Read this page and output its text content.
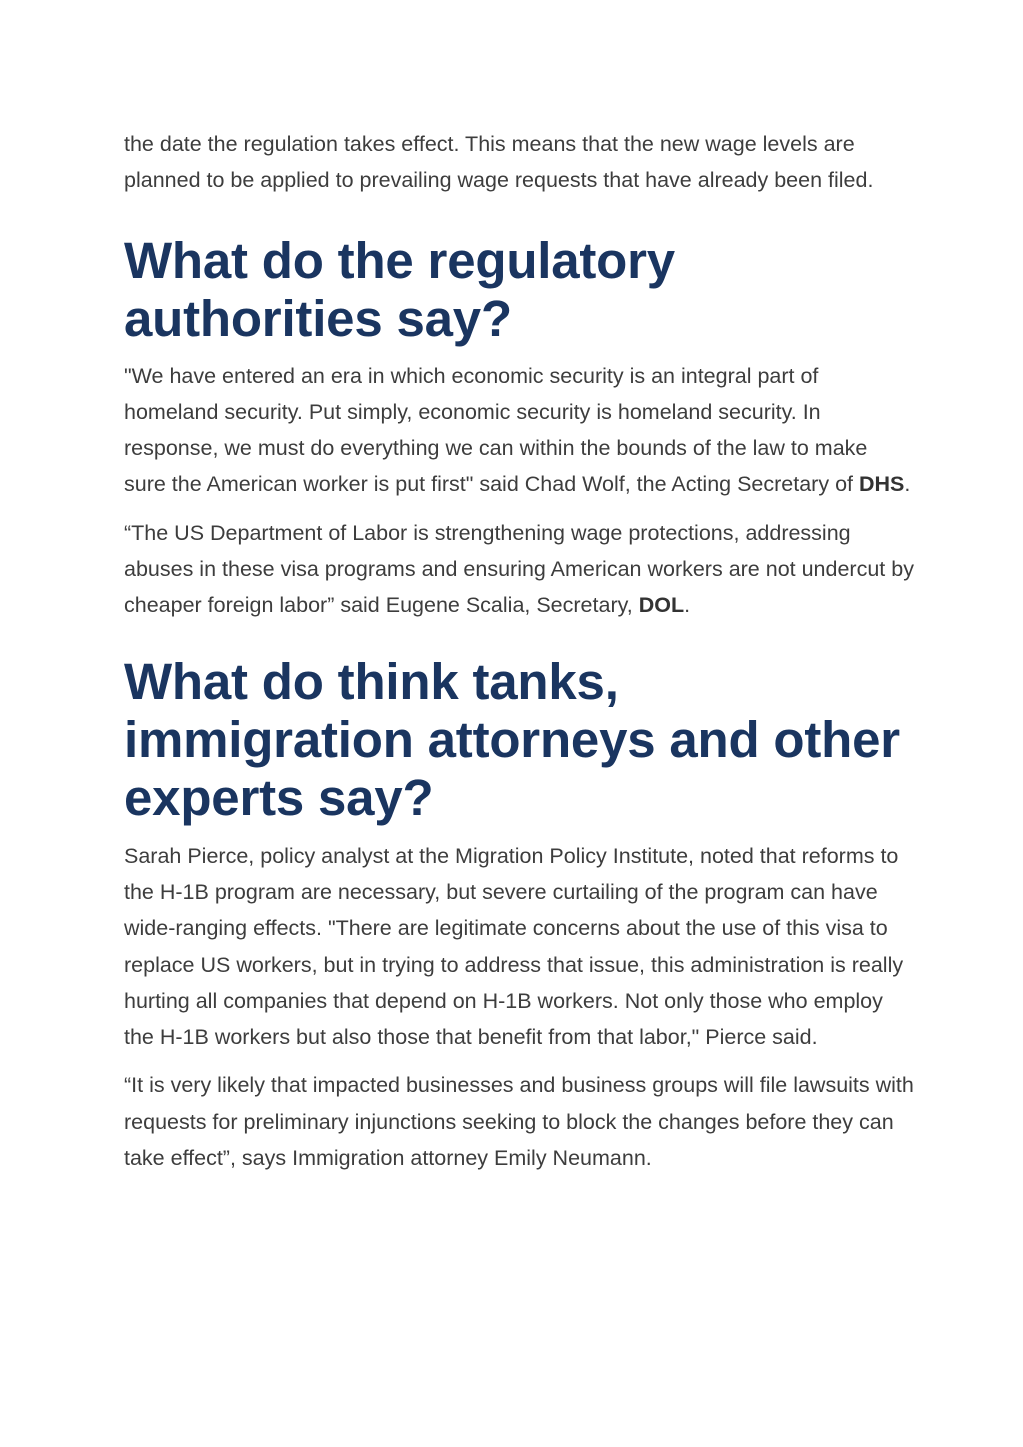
the date the regulation takes effect. This means that the new wage levels are planned to be applied to prevailing wage requests that have already been filed.

What do the regulatory authorities say?

"We have entered an era in which economic security is an integral part of homeland security. Put simply, economic security is homeland security. In response, we must do everything we can within the bounds of the law to make sure the American worker is put first" said Chad Wolf, the Acting Secretary of DHS.

“The US Department of Labor is strengthening wage protections, addressing abuses in these visa programs and ensuring American workers are not undercut by cheaper foreign labor” said Eugene Scalia, Secretary, DOL.

What do think tanks, immigration attorneys and other experts say?

Sarah Pierce, policy analyst at the Migration Policy Institute, noted that reforms to the H-1B program are necessary, but severe curtailing of the program can have wide-ranging effects. "There are legitimate concerns about the use of this visa to replace US workers, but in trying to address that issue, this administration is really hurting all companies that depend on H-1B workers. Not only those who employ the H-1B workers but also those that benefit from that labor," Pierce said.

“It is very likely that impacted businesses and business groups will file lawsuits with requests for preliminary injunctions seeking to block the changes before they can take effect”, says Immigration attorney Emily Neumann.
